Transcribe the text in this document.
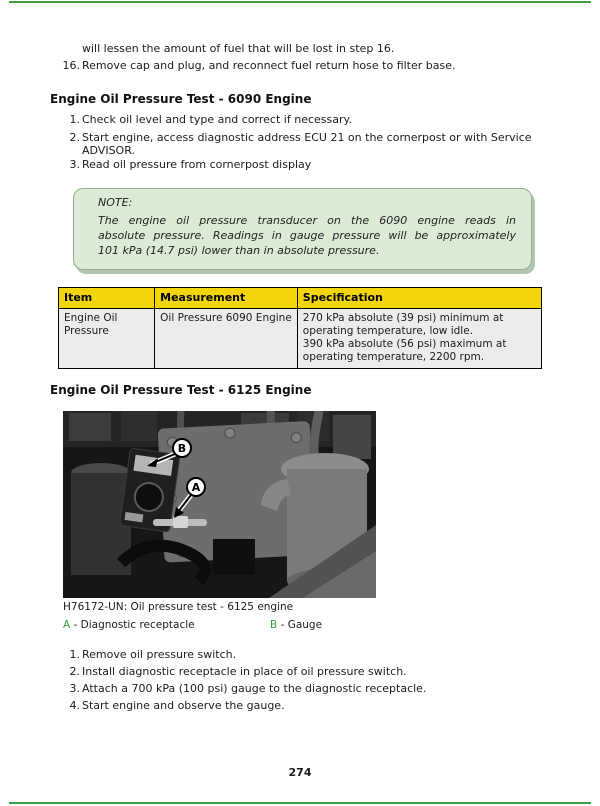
will lessen the amount of fuel that will be lost in step 16.
16. Remove cap and plug, and reconnect fuel return hose to filter base.
Engine Oil Pressure Test - 6090 Engine
1. Check oil level and type and correct if necessary.
2. Start engine, access diagnostic address ECU 21 on the cornerpost or with Service
ADVISOR.
3. Read oil pressure from cornerpost display
NOTE:
The engine oil pressure transducer on the 6090 engine reads in
absolute pressure. Readings in gauge pressure will be approximately
101 kPa (14.7 psi) lower than in absolute pressure.
Item	Measurement	Specification
Engine Oil Pressure	Oil Pressure 6090 Engine	270 kPa absolute (39 psi) minimum at operating temperature, low idle.
390 kPa absolute (56 psi) maximum at operating temperature, 2200 rpm.
Engine Oil Pressure Test - 6125 Engine
B
A
H76172-UN: Oil pressure test - 6125 engine
A - Diagnostic receptacle	B - Gauge
1. Remove oil pressure switch.
2. Install diagnostic receptacle in place of oil pressure switch.
3. Attach a 700 kPa (100 psi) gauge to the diagnostic receptacle.
4. Start engine and observe the gauge.
274
